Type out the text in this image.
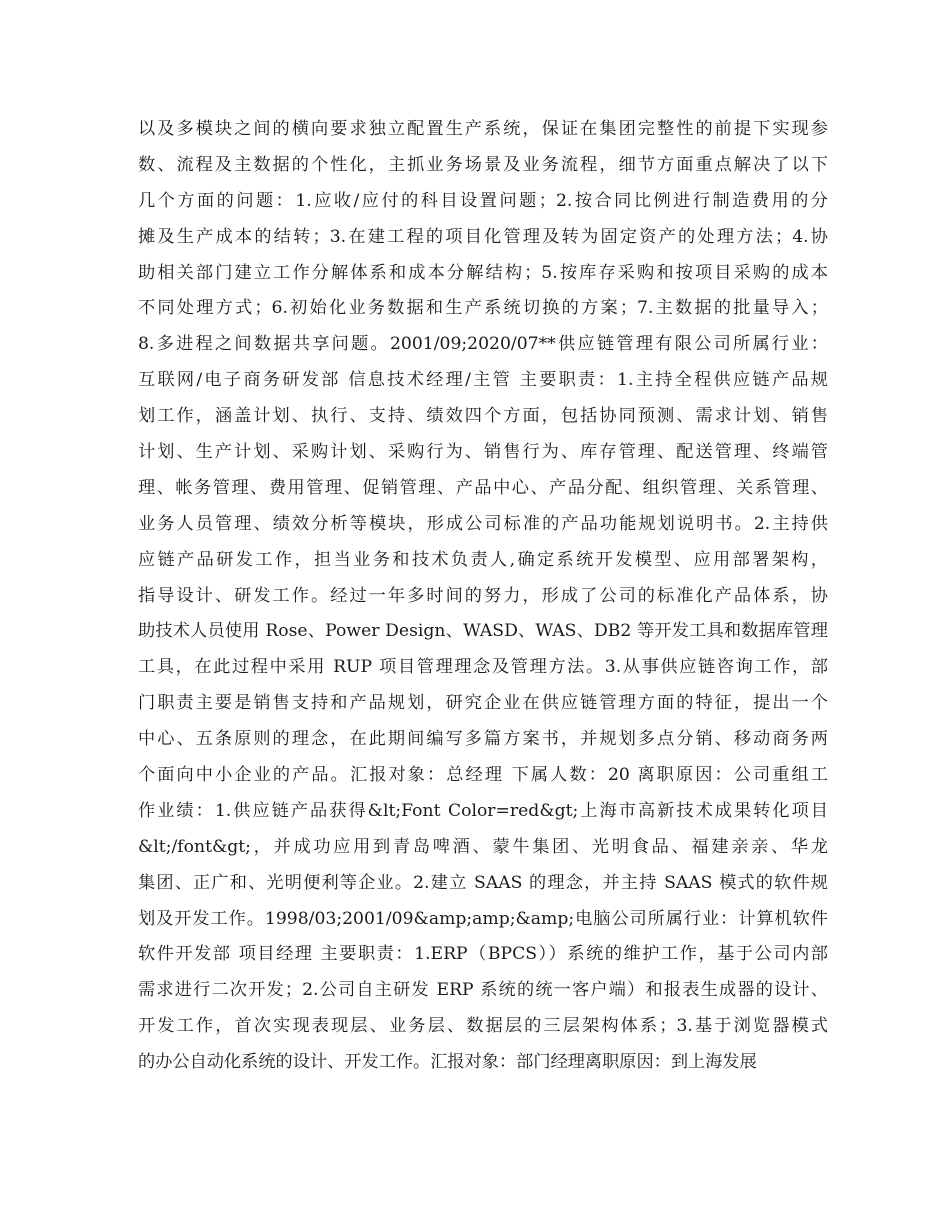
以及多模块之间的横向要求独立配置生产系统，保证在集团完整性的前提下实现参
数、流程及主数据的个性化，主抓业务场景及业务流程，细节方面重点解决了以下
几个方面的问题：1.应收/应付的科目设置问题；2.按合同比例进行制造费用的分
摊及生产成本的结转；3.在建工程的项目化管理及转为固定资产的处理方法；4.协
助相关部门建立工作分解体系和成本分解结构；5.按库存采购和按项目采购的成本
不同处理方式；6.初始化业务数据和生产系统切换的方案；7.主数据的批量导入；
8.多进程之间数据共享问题。2001/09;2020/07**供应链管理有限公司所属行业：
互联网/电子商务研发部 信息技术经理/主管 主要职责：1.主持全程供应链产品规
划工作，涵盖计划、执行、支持、绩效四个方面，包括协同预测、需求计划、销售
计划、生产计划、采购计划、采购行为、销售行为、库存管理、配送管理、终端管
理、帐务管理、费用管理、促销管理、产品中心、产品分配、组织管理、关系管理、
业务人员管理、绩效分析等模块，形成公司标准的产品功能规划说明书。2.主持供
应链产品研发工作，担当业务和技术负责人,确定系统开发模型、应用部署架构，
指导设计、研发工作。经过一年多时间的努力，形成了公司的标准化产品体系，协
助技术人员使用 Rose、Power Design、WASD、WAS、DB2 等开发工具和数据库管理
工具，在此过程中采用 RUP 项目管理理念及管理方法。3.从事供应链咨询工作，部
门职责主要是销售支持和产品规划，研究企业在供应链管理方面的特征，提出一个
中心、五条原则的理念，在此期间编写多篇方案书，并规划多点分销、移动商务两
个面向中小企业的产品。汇报对象：总经理 下属人数：20 离职原因：公司重组工
作业绩：1.供应链产品获得&lt;Font Color=red&gt;上海市高新技术成果转化项目
&lt;/font&gt;，并成功应用到青岛啤酒、蒙牛集团、光明食品、福建亲亲、华龙
集团、正广和、光明便利等企业。2.建立 SAAS 的理念，并主持 SAAS 模式的软件规
划及开发工作。1998/03;2001/09&amp;amp;&amp;电脑公司所属行业：计算机软件
软件开发部 项目经理 主要职责：1.ERP（BPCS））系统的维护工作，基于公司内部
需求进行二次开发；2.公司自主研发 ERP 系统的统一客户端）和报表生成器的设计、
开发工作，首次实现表现层、业务层、数据层的三层架构体系；3.基于浏览器模式
的办公自动化系统的设计、开发工作。汇报对象：部门经理离职原因：到上海发展
